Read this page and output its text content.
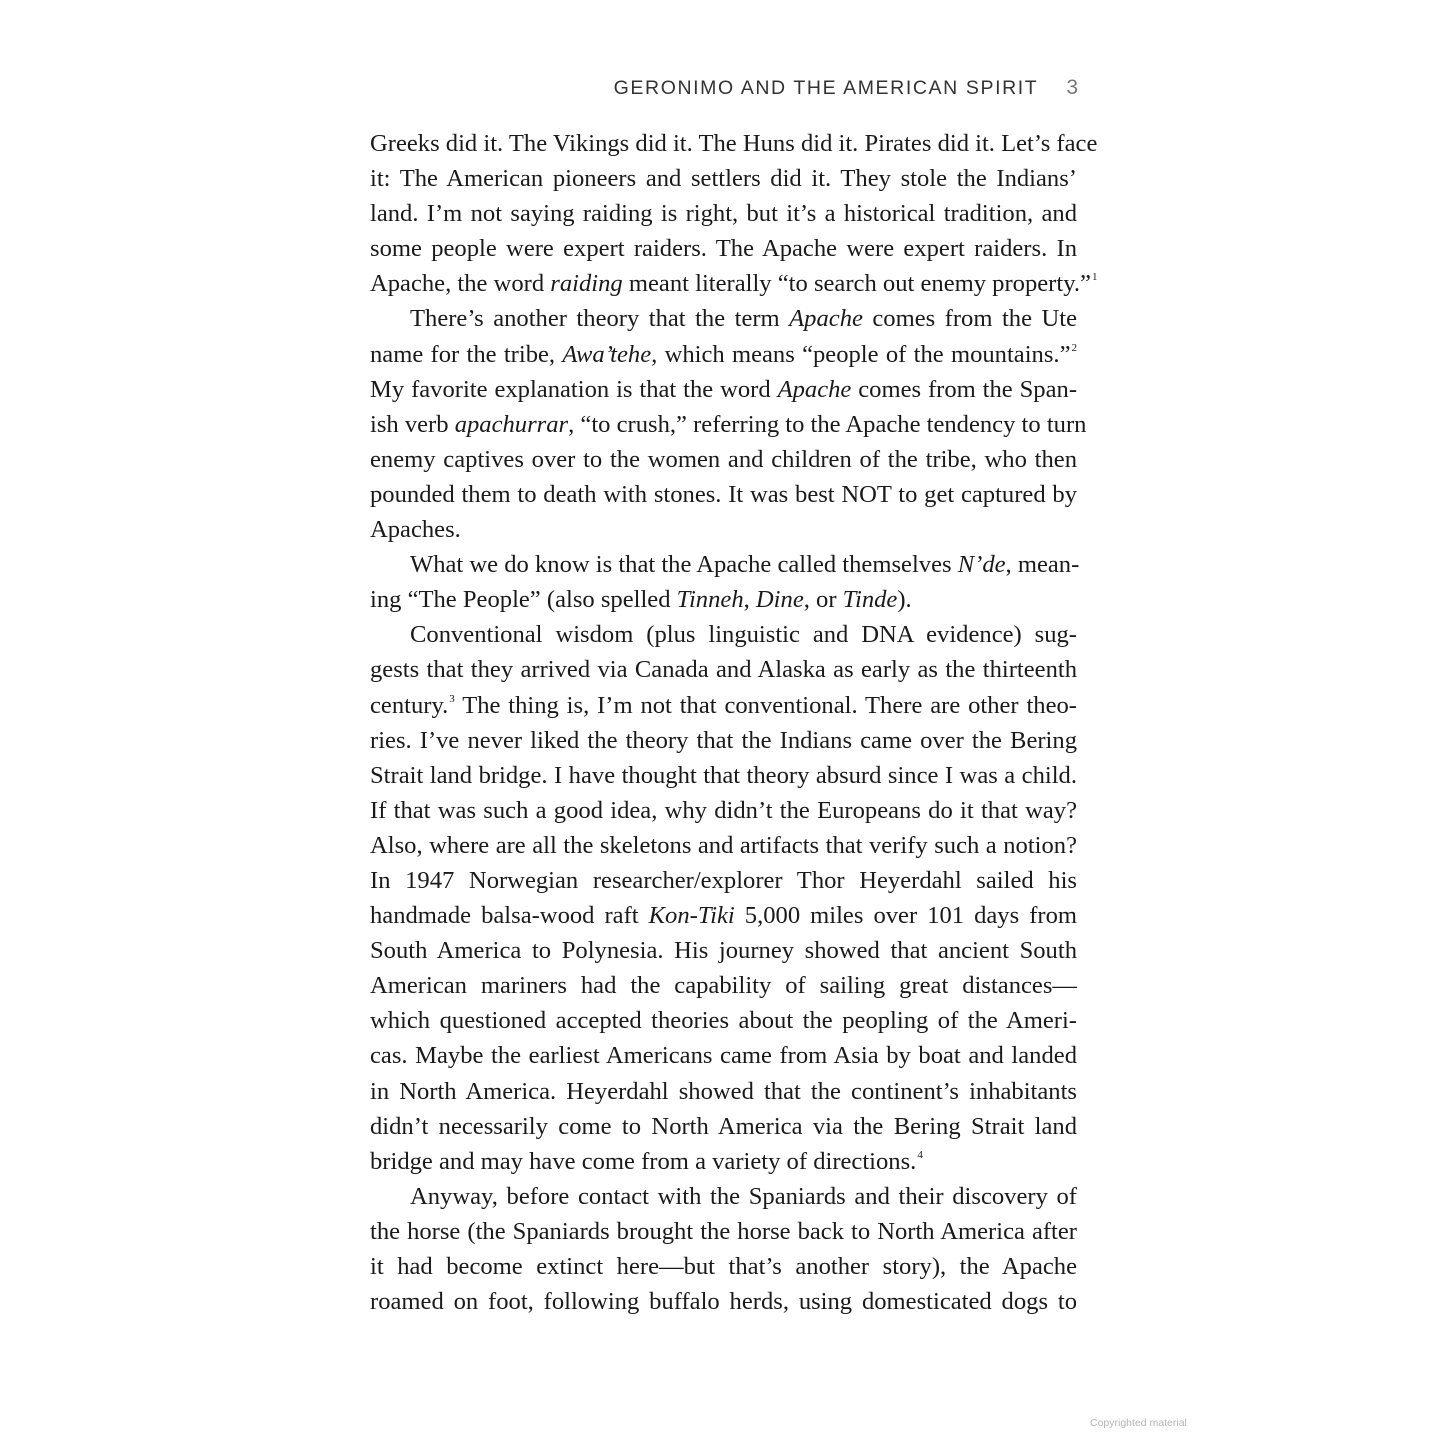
GERONIMO AND THE AMERICAN SPIRIT 3
Greeks did it. The Vikings did it. The Huns did it. Pirates did it. Let’s face
it: The American pioneers and settlers did it. They stole the Indians’
land. I’m not saying raiding is right, but it’s a historical tradition, and
some people were expert raiders. The Apache were expert raiders. In
Apache, the word raiding meant literally “to search out enemy property.”$^1$
There’s another theory that the term Apache comes from the Ute
name for the tribe, Awa’tehe, which means “people of the mountains.”$^2$
My favorite explanation is that the word Apache comes from the Span-
ish verb apachurrar, “to crush,” referring to the Apache tendency to turn
enemy captives over to the women and children of the tribe, who then
pounded them to death with stones. It was best NOT to get captured by
Apaches.
What we do know is that the Apache called themselves N’de, mean-
ing “The People” (also spelled Tinneh, Dine, or Tinde).
Conventional wisdom (plus linguistic and DNA evidence) sug-
gests that they arrived via Canada and Alaska as early as the thirteenth
century.$^3$ The thing is, I’m not that conventional. There are other theo-
ries. I’ve never liked the theory that the Indians came over the Bering
Strait land bridge. I have thought that theory absurd since I was a child.
If that was such a good idea, why didn’t the Europeans do it that way?
Also, where are all the skeletons and artifacts that verify such a notion?
In 1947 Norwegian researcher/explorer Thor Heyerdahl sailed his
handmade balsa-wood raft Kon-Tiki 5,000 miles over 101 days from
South America to Polynesia. His journey showed that ancient South
American mariners had the capability of sailing great distances—
which questioned accepted theories about the peopling of the Ameri-
cas. Maybe the earliest Americans came from Asia by boat and landed
in North America. Heyerdahl showed that the continent’s inhabitants
didn’t necessarily come to North America via the Bering Strait land
bridge and may have come from a variety of directions.$^4$
Anyway, before contact with the Spaniards and their discovery of
the horse (the Spaniards brought the horse back to North America after
it had become extinct here—but that’s another story), the Apache
roamed on foot, following buffalo herds, using domesticated dogs to
Copyrighted material
